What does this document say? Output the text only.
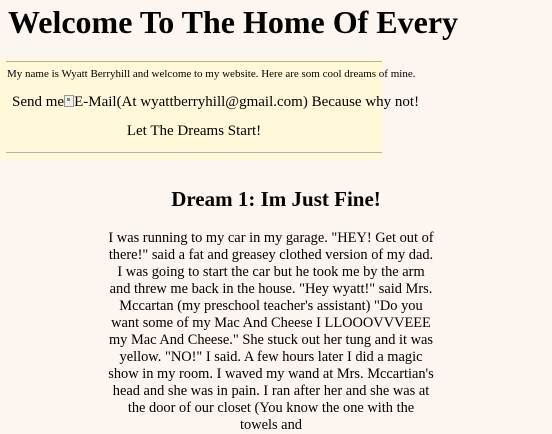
Welcome To The Home Of Every
My name is Wyatt Berryhill and welcome to my website. Here are som cool dreams of mine.
Send me E-Mail(At wyattberryhill@gmail.com) Because why not!
Let The Dreams Start!
Dream 1: Im Just Fine!

I was running to my car in my garage. "HEY! Get out of there!" said a fat and greasey clothed version of my dad. I was going to start the car but he took me by the arm and threw me back in the house. "Hey wyatt!" said Mrs. Mccartan (my preschool teacher's assistant) "Do you want some of my Mac And Cheese I LLOOOVVVEEE my Mac And Cheese." She stuck out her tung and it was yellow. "NO!" I said. A few hours later I did a magic show in my room. I waved my wand at Mrs. Mccartian's head and she was in pain. I ran after her and she was at the door of our closet (You know the one with the towels and
